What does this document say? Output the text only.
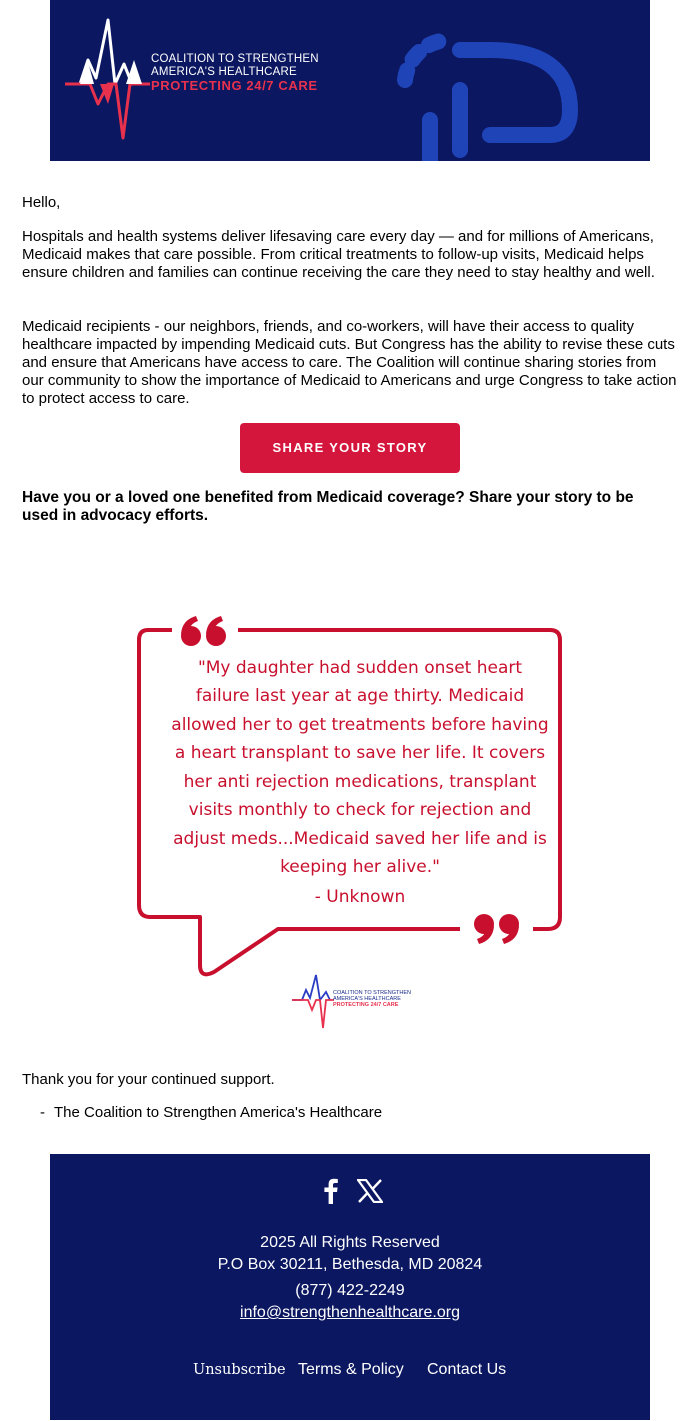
COALITION TO STRENGTHEN
AMERICA'S HEALTHCARE
PROTECTING 24/7 CARE
Hello,
Hospitals and health systems deliver lifesaving care every day — and for millions of Americans, Medicaid makes that care possible. From critical treatments to follow-up visits, Medicaid helps ensure children and families can continue receiving the care they need to stay healthy and well.
Medicaid recipients - our neighbors, friends, and co-workers, will have their access to quality healthcare impacted by impending Medicaid cuts. But Congress has the ability to revise these cuts and ensure that Americans have access to care. The Coalition will continue sharing stories from our community to show the importance of Medicaid to Americans and urge Congress to take action to protect access to care.
SHARE YOUR STORY
Have you or a loved one benefited from Medicaid coverage? Share your story to be used in advocacy efforts.
"My daughter had sudden onset heart
failure last year at age thirty. Medicaid
allowed her to get treatments before having
a heart transplant to save her life. It covers
her anti rejection medications, transplant
visits monthly to check for rejection and
adjust meds...Medicaid saved her life and is
keeping her alive."
- Unknown
COALITION TO STRENGTHEN
AMERICA'S HEALTHCARE
PROTECTING 24/7 CARE
Thank you for your continued support.
- The Coalition to Strengthen America's Healthcare
2025 All Rights Reserved
P.O Box 30211, Bethesda, MD 20824
(877) 422-2249
info@strengthenhealthcare.org
Unsubscribe Terms & Policy Contact Us
